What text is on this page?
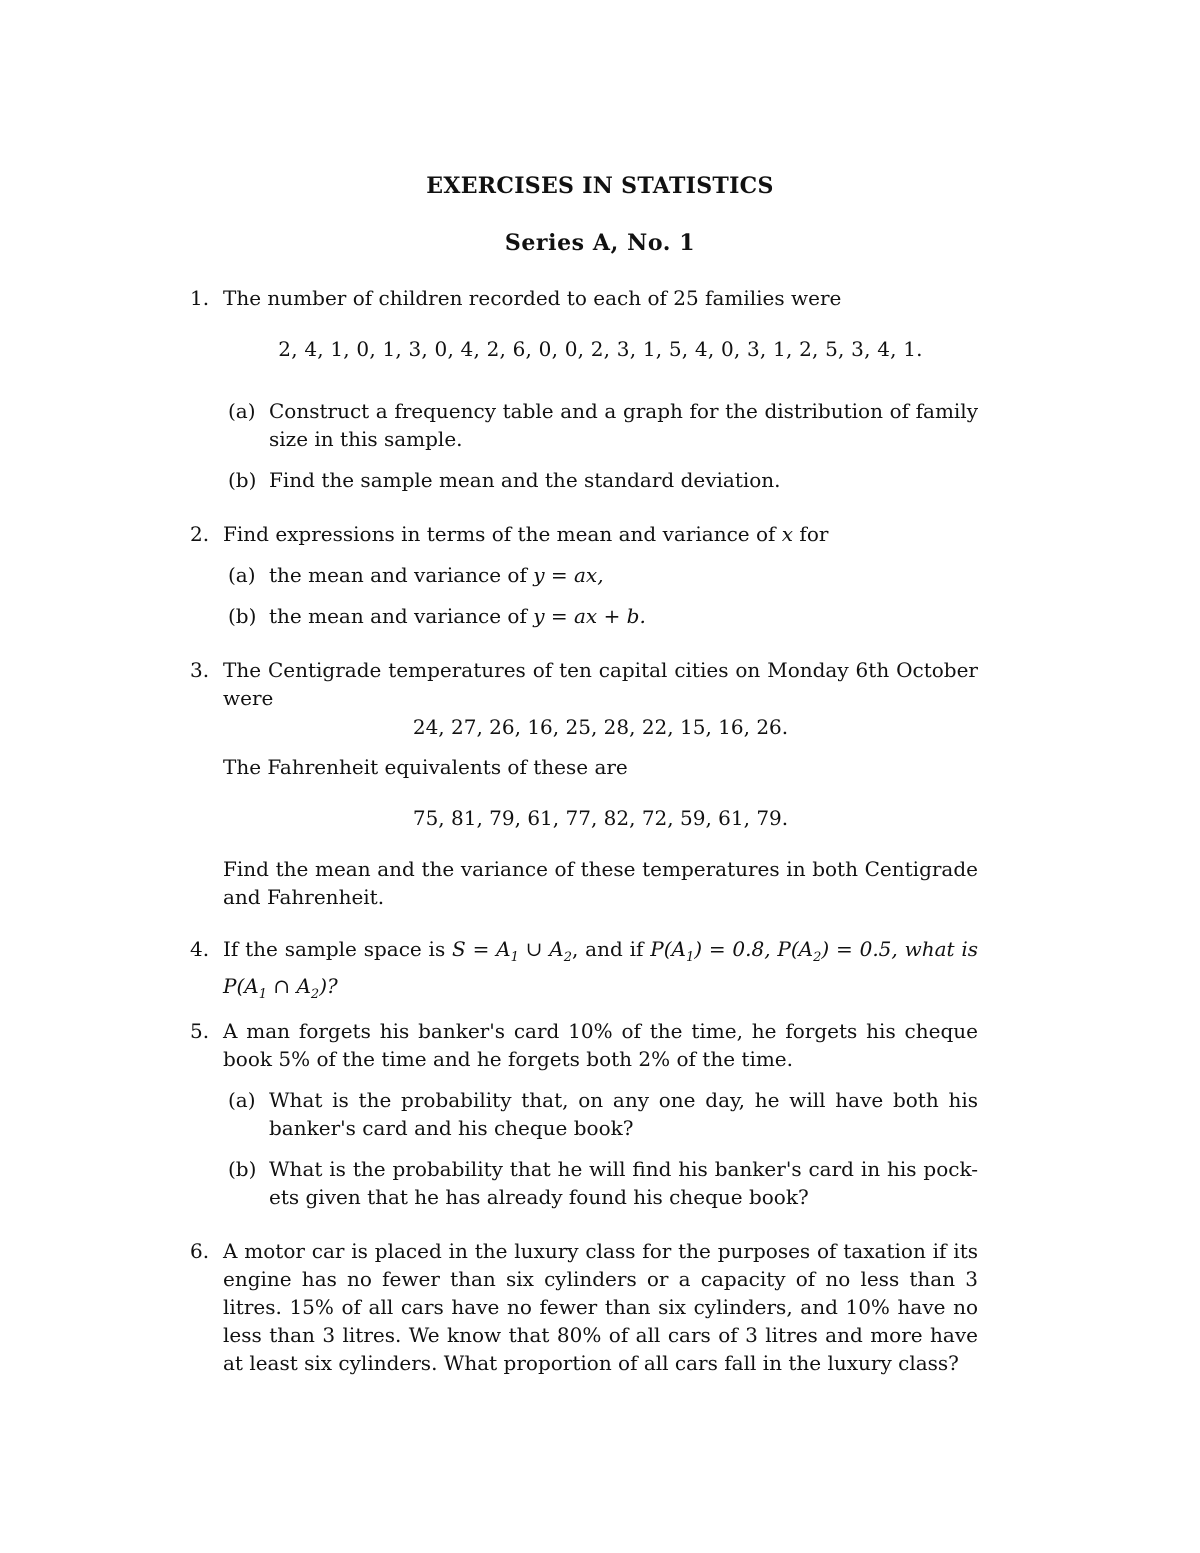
EXERCISES IN STATISTICS
Series A, No. 1
1. The number of children recorded to each of 25 families were
2, 4, 1, 0, 1, 3, 0, 4, 2, 6, 0, 0, 2, 3, 1, 5, 4, 0, 3, 1, 2, 5, 3, 4, 1.
(a) Construct a frequency table and a graph for the distribution of family size in this sample.
(b) Find the sample mean and the standard deviation.
2. Find expressions in terms of the mean and variance of x for
(a) the mean and variance of y = ax,
(b) the mean and variance of y = ax + b.
3. The Centigrade temperatures of ten capital cities on Monday 6th October were
24, 27, 26, 16, 25, 28, 22, 15, 16, 26.
The Fahrenheit equivalents of these are
75, 81, 79, 61, 77, 82, 72, 59, 61, 79.
Find the mean and the variance of these temperatures in both Centigrade and Fahrenheit.
4. If the sample space is $S = A_1$ ∪ $A_2$, and if $P(A_1) = 0.8$, $P(A_2) = 0.5$, what is $P(A_1$ ∩ $A_2$)?
5. A man forgets his banker's card 10% of the time, he forgets his cheque book 5% of the time and he forgets both 2% of the time.
(a) What is the probability that, on any one day, he will have both his banker's card and his cheque book?
(b) What is the probability that he will find his banker's card in his pock- ets given that he has already found his cheque book?
6. A motor car is placed in the luxury class for the purposes of taxation if its engine has no fewer than six cylinders or a capacity of no less than 3 litres. 15% of all cars have no fewer than six cylinders, and 10% have no less than 3 litres. We know that 80% of all cars of 3 litres and more have at least six cylinders. What proportion of all cars fall in the luxury class?
